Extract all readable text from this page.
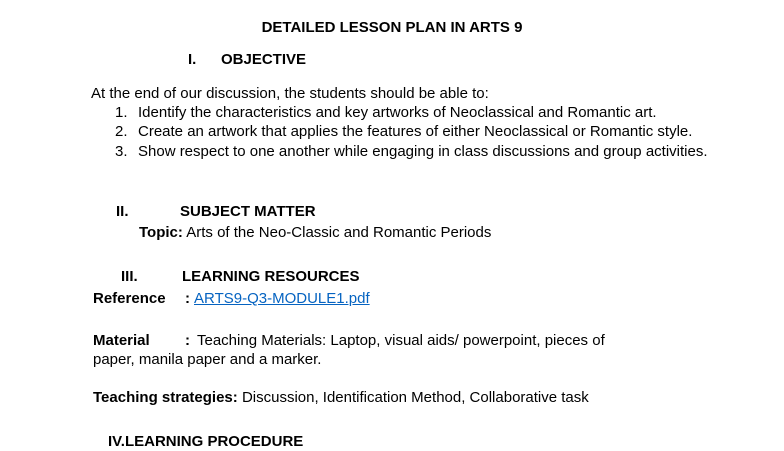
DETAILED LESSON PLAN IN ARTS 9
I. OBJECTIVE
At the end of our discussion, the students should be able to:
1. Identify the characteristics and key artworks of Neoclassical and Romantic art.
2. Create an artwork that applies the features of either Neoclassical or Romantic style.
3. Show respect to one another while engaging in class discussions and group activities.
II.	SUBJECT MATTER
Topic: Arts of the Neo-Classic and Romantic Periods
III.	LEARNING RESOURCES
Reference : ARTS9-Q3-MODULE1.pdf
Material : Teaching Materials: Laptop, visual aids/ powerpoint, pieces of
paper, manila paper and a marker.
Teaching strategies: Discussion, Identification Method, Collaborative task
IV.LEARNING PROCEDURE
